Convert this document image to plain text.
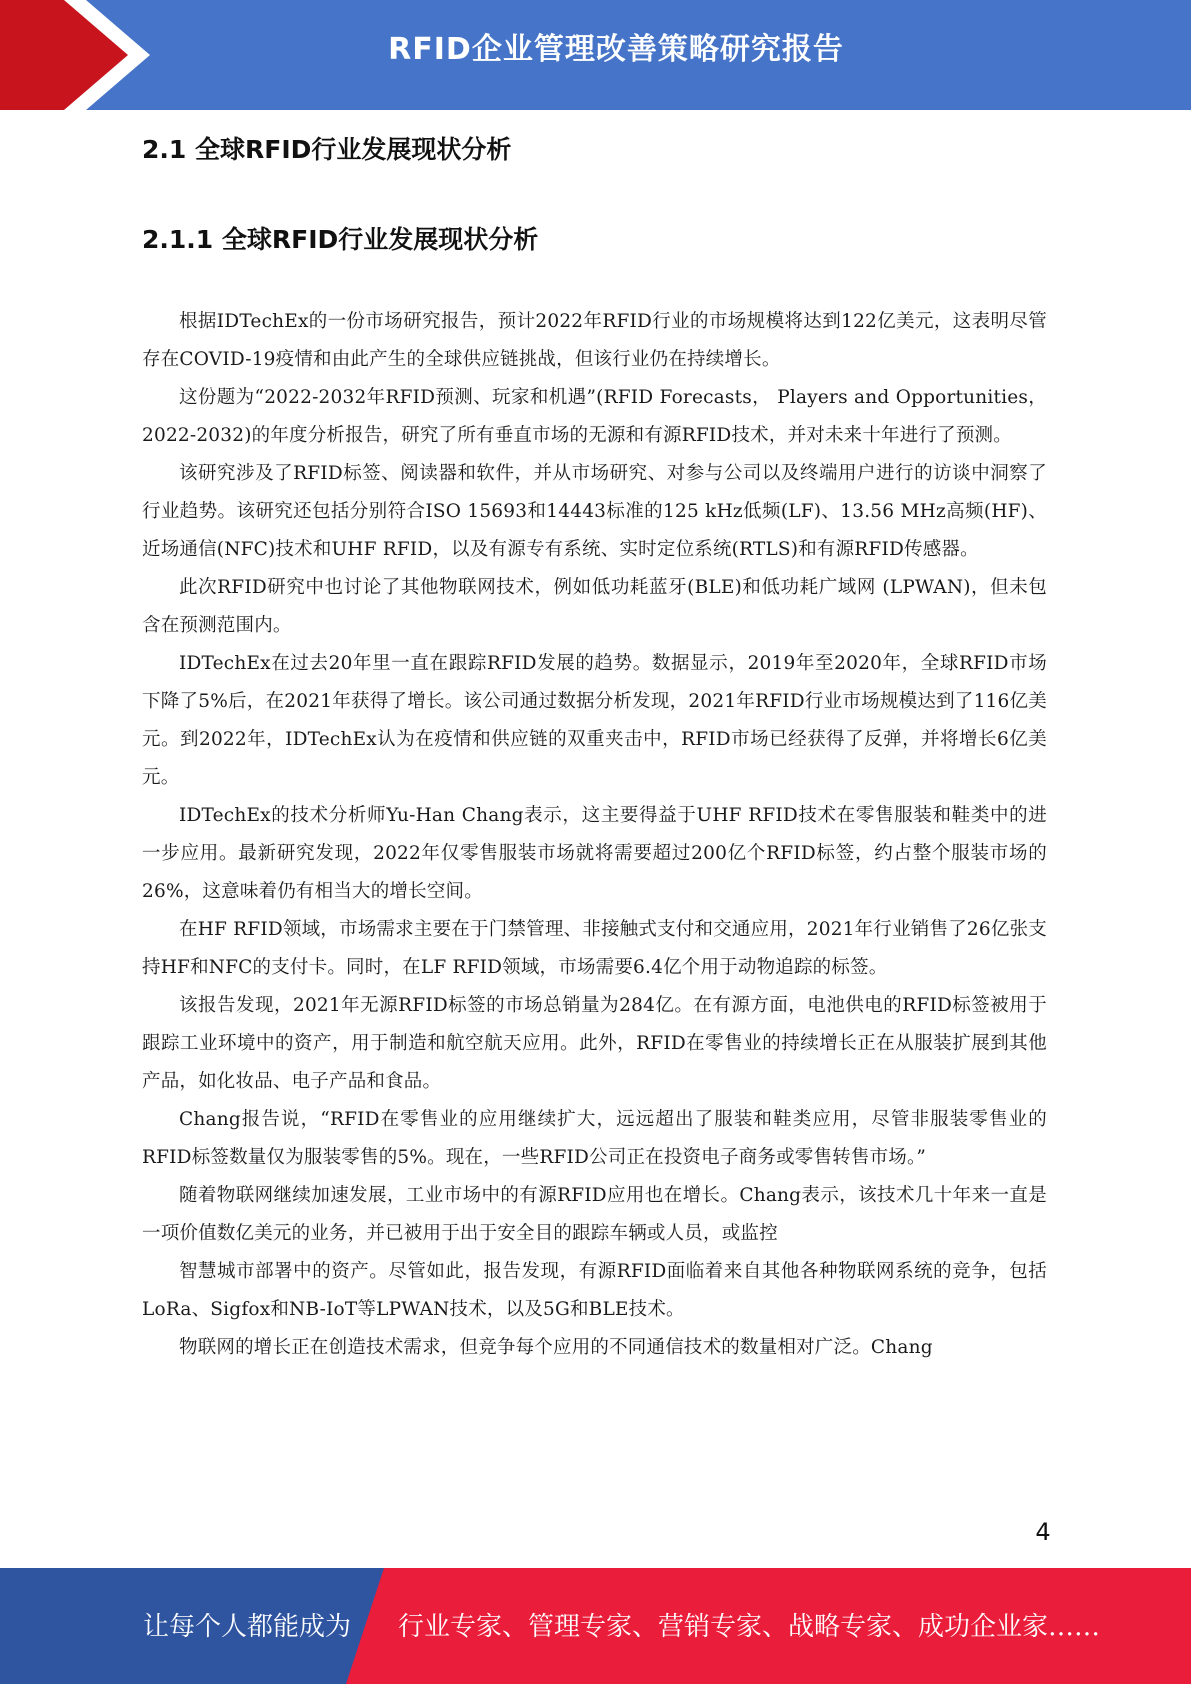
RFID企业管理改善策略研究报告
2.1 全球RFID行业发展现状分析
2.1.1 全球RFID行业发展现状分析

根据IDTechEx的一份市场研究报告，预计2022年RFID行业的市场规模将达到122亿美元，这表明尽管存在COVID-19疫情和由此产生的全球供应链挑战，但该行业仍在持续增长。

这份题为“2022-2032年RFID预测、玩家和机遇”(RFID Forecasts， Players and Opportunities， 2022-2032)的年度分析报告，研究了所有垂直市场的无源和有源RFID技术，并对未来十年进行了预测。

该研究涉及了RFID标签、阅读器和软件，并从市场研究、对参与公司以及终端用户进行的访谈中洞察了行业趋势。该研究还包括分别符合ISO 15693和14443标准的125 kHz低频(LF)、13.56 MHz高频(HF)、近场通信(NFC)技术和UHF RFID，以及有源专有系统、实时定位系统(RTLS)和有源RFID传感器。

此次RFID研究中也讨论了其他物联网技术，例如低功耗蓝牙(BLE)和低功耗广域网 (LPWAN)，但未包含在预测范围内。

IDTechEx在过去20年里一直在跟踪RFID发展的趋势。数据显示，2019年至2020年，全球RFID市场下降了5%后，在2021年获得了增长。该公司通过数据分析发现，2021年RFID行业市场规模达到了116亿美元。到2022年，IDTechEx认为在疫情和供应链的双重夹击中，RFID市场已经获得了反弹，并将增长6亿美元。

IDTechEx的技术分析师Yu-Han Chang表示，这主要得益于UHF RFID技术在零售服装和鞋类中的进一步应用。最新研究发现，2022年仅零售服装市场就将需要超过200亿个RFID标签，约占整个服装市场的26%，这意味着仍有相当大的增长空间。

在HF RFID领域，市场需求主要在于门禁管理、非接触式支付和交通应用，2021年行业销售了26亿张支持HF和NFC的支付卡。同时，在LF RFID领域，市场需要6.4亿个用于动物追踪的标签。

该报告发现，2021年无源RFID标签的市场总销量为284亿。在有源方面，电池供电的RFID标签被用于跟踪工业环境中的资产，用于制造和航空航天应用。此外，RFID在零售业的持续增长正在从服装扩展到其他产品，如化妆品、电子产品和食品。

Chang报告说，“RFID在零售业的应用继续扩大，远远超出了服装和鞋类应用，尽管非服装零售业的RFID标签数量仅为服装零售的5%。现在，一些RFID公司正在投资电子商务或零售转售市场。”

随着物联网继续加速发展，工业市场中的有源RFID应用也在增长。Chang表示，该技术几十年来一直是一项价值数亿美元的业务，并已被用于出于安全目的跟踪车辆或人员，或监控

智慧城市部署中的资产。尽管如此，报告发现，有源RFID面临着来自其他各种物联网系统的竞争，包括LoRa、Sigfox和NB-IoT等LPWAN技术，以及5G和BLE技术。

物联网的增长正在创造技术需求，但竞争每个应用的不同通信技术的数量相对广泛。Chang

4
让每个人都能成为 行业专家、管理专家、营销专家、战略专家、成功企业家……
